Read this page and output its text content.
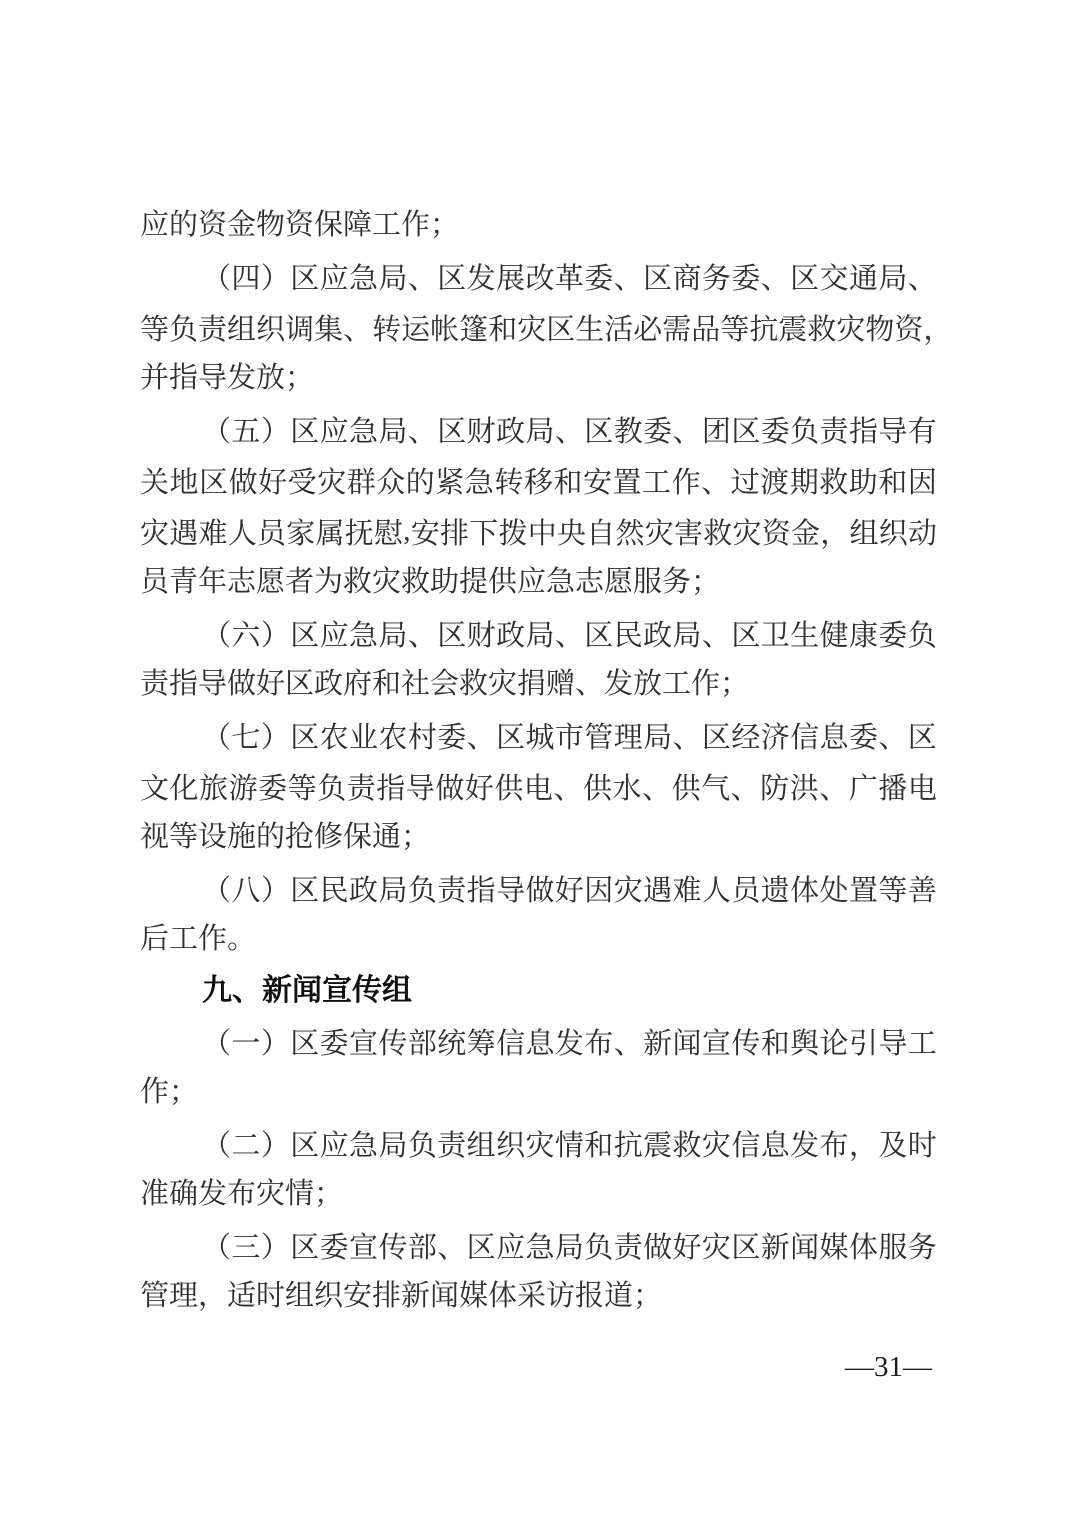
应的资金物资保障工作；
（ 四 ） 区 应 急 局 、 区 发 展 改 革 委 、 区 商 务 委 、 区 交 通 局 、
等 负 责 组 织 调 集 、 转 运 帐 篷 和 灾 区 生 活 必 需 品 等 抗 震 救 灾 物 资 ，
并指导发放；
（ 五 ） 区 应 急 局 、 区 财 政 局 、 区 教 委 、 团 区 委 负 责 指 导 有
关 地 区 做 好 受 灾 群 众 的 紧 急 转 移 和 安 置 工 作 、 过 渡 期 救 助 和 因
灾 遇 难 人 员 家 属 抚 慰 , 安 排 下 拨 中 央 自 然 灾 害 救 灾 资 金 ， 组 织 动
员青年志愿者为救灾救助提供应急志愿服务；
（ 六 ） 区 应 急 局 、 区 财 政 局 、 区 民 政 局 、 区 卫 生 健 康 委 负
责指导做好区政府和社会救灾捐赠、发放工作；
（ 七 ） 区 农 业 农 村 委 、 区 城 市 管 理 局 、 区 经 济 信 息 委 、 区
文 化 旅 游 委 等 负 责 指 导 做 好 供 电 、 供 水 、 供 气 、 防 洪 、 广 播 电
视等设施的抢修保通；
（ 八 ） 区 民 政 局 负 责 指 导 做 好 因 灾 遇 难 人 员 遗 体 处 置 等 善
后工作。
九、新闻宣传组
（ 一 ） 区 委 宣 传 部 统 筹 信 息 发 布 、 新 闻 宣 传 和 舆 论 引 导 工
作；
（ 二 ） 区 应 急 局 负 责 组 织 灾 情 和 抗 震 救 灾 信 息 发 布 ， 及 时
准确发布灾情；
（ 三 ） 区 委 宣 传 部 、 区 应 急 局 负 责 做 好 灾 区 新 闻 媒 体 服 务
管理，适时组织安排新闻媒体采访报道；
—31—
